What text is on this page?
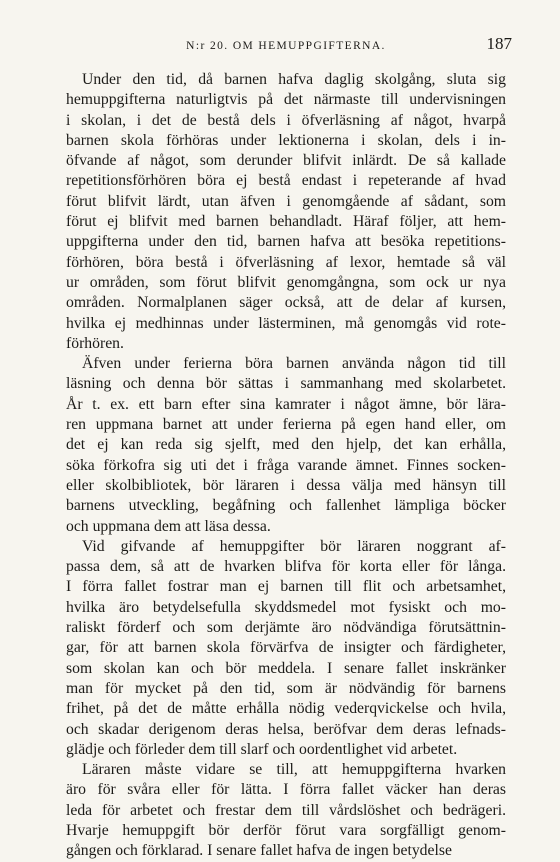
N:r 20. OM HEMUPPGIFTERNA.	187

Under den tid, då barnen hafva daglig skolgång, sluta sig
hemuppgifterna naturligtvis på det närmaste till undervisningen
i skolan, i det de bestå dels i öfverläsning af något, hvarpå
barnen skola förhöras under lektionerna i skolan, dels i in-
öfvande af något, som derunder blifvit inlärdt. De så kallade
repetitionsförhören böra ej bestå endast i repeterande af hvad
förut blifvit lärdt, utan äfven i genomgående af sådant, som
förut ej blifvit med barnen behandladt. Häraf följer, att hem-
uppgifterna under den tid, barnen hafva att besöka repetitions-
förhören, böra bestå i öfverläsning af lexor, hemtade så väl
ur områden, som förut blifvit genomgångna, som ock ur nya
områden. Normalplanen säger också, att de delar af kursen,
hvilka ej medhinnas under lästerminen, må genomgås vid rote-
förhören.

Äfven under ferierna böra barnen använda någon tid till
läsning och denna bör sättas i sammanhang med skolarbetet.
År t. ex. ett barn efter sina kamrater i något ämne, bör lära-
ren uppmana barnet att under ferierna på egen hand eller, om
det ej kan reda sig sjelft, med den hjelp, det kan erhålla,
söka förkofra sig uti det i fråga varande ämnet. Finnes socken-
eller skolbibliotek, bör läraren i dessa välja med hänsyn till
barnens utveckling, begåfning och fallenhet lämpliga böcker
och uppmana dem att läsa dessa.

Vid gifvande af hemuppgifter bör läraren noggrant af-
passa dem, så att de hvarken blifva för korta eller för långa.
I förra fallet fostrar man ej barnen till flit och arbetsamhet,
hvilka äro betydelsefulla skyddsmedel mot fysiskt och mo-
raliskt förderf och som derjämte äro nödvändiga förutsättnin-
gar, för att barnen skola förvärfva de insigter och färdigheter,
som skolan kan och bör meddela. I senare fallet inskränker
man för mycket på den tid, som är nödvändig för barnens
frihet, på det de måtte erhålla nödig vederqvickelse och hvila,
och skadar derigenom deras helsa, beröfvar dem deras lefnads-
glädje och förleder dem till slarf och oordentlighet vid arbetet.

Läraren måste vidare se till, att hemuppgifterna hvarken
äro för svåra eller för lätta. I förra fallet väcker han deras
leda för arbetet och frestar dem till vårdslöshet och bedrägeri.
Hvarje hemuppgift bör derför förut vara sorgfälligt genom-
gången och förklarad. I senare fallet hafva de ingen betydelse
